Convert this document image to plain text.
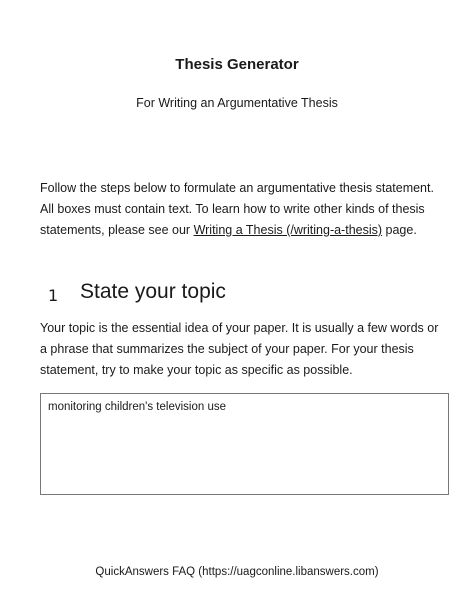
Thesis Generator
For Writing an Argumentative Thesis
Follow the steps below to formulate an argumentative thesis statement. All boxes must contain text. To learn how to write other kinds of thesis statements, please see our Writing a Thesis (/writing-a-thesis) page.
1 State your topic
Your topic is the essential idea of your paper. It is usually a few words or a phrase that summarizes the subject of your paper. For your thesis statement, try to make your topic as specific as possible.
monitoring children's television use
QuickAnswers FAQ (https://uagconline.libanswers.com)
